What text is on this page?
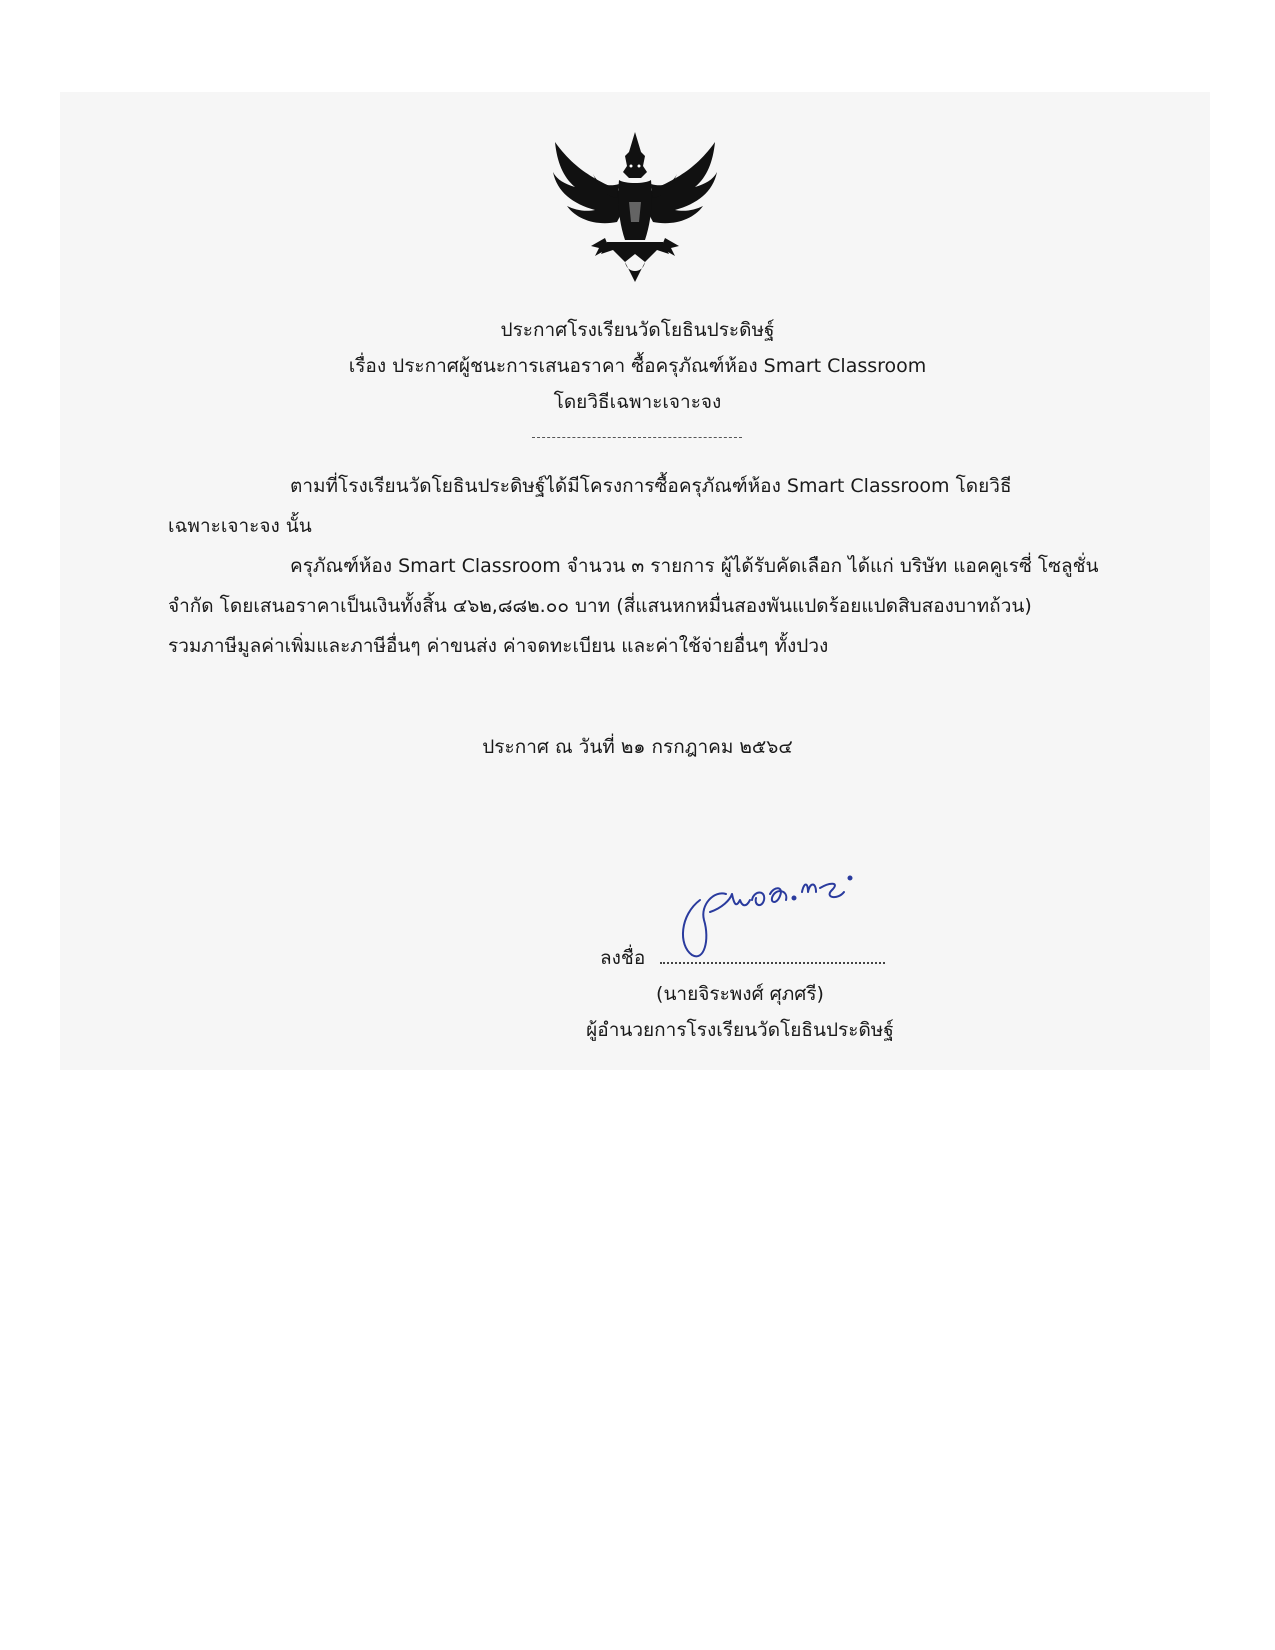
ประกาศโรงเรียนวัดโยธินประดิษฐ์
เรื่อง ประกาศผู้ชนะการเสนอราคา ซื้อครุภัณฑ์ห้อง Smart Classroom
โดยวิธีเฉพาะเจาะจง
ตามที่โรงเรียนวัดโยธินประดิษฐ์ได้มีโครงการซื้อครุภัณฑ์ห้อง Smart Classroom โดยวิธี
เฉพาะเจาะจง นั้น
ครุภัณฑ์ห้อง Smart Classroom จำนวน ๓ รายการ ผู้ได้รับคัดเลือก ได้แก่ บริษัท แอคคูเรซี่ โซลูชั่น
จำกัด โดยเสนอราคาเป็นเงินทั้งสิ้น ๔๖๒,๘๘๒.๐๐ บาท (สี่แสนหกหมื่นสองพันแปดร้อยแปดสิบสองบาทถ้วน)
รวมภาษีมูลค่าเพิ่มและภาษีอื่นๆ ค่าขนส่ง ค่าจดทะเบียน และค่าใช้จ่ายอื่นๆ ทั้งปวง
ประกาศ ณ วันที่ ๒๑ กรกฎาคม ๒๕๖๔
ลงชื่อ
(นายจิระพงศ์ ศุภศรี)
ผู้อำนวยการโรงเรียนวัดโยธินประดิษฐ์
